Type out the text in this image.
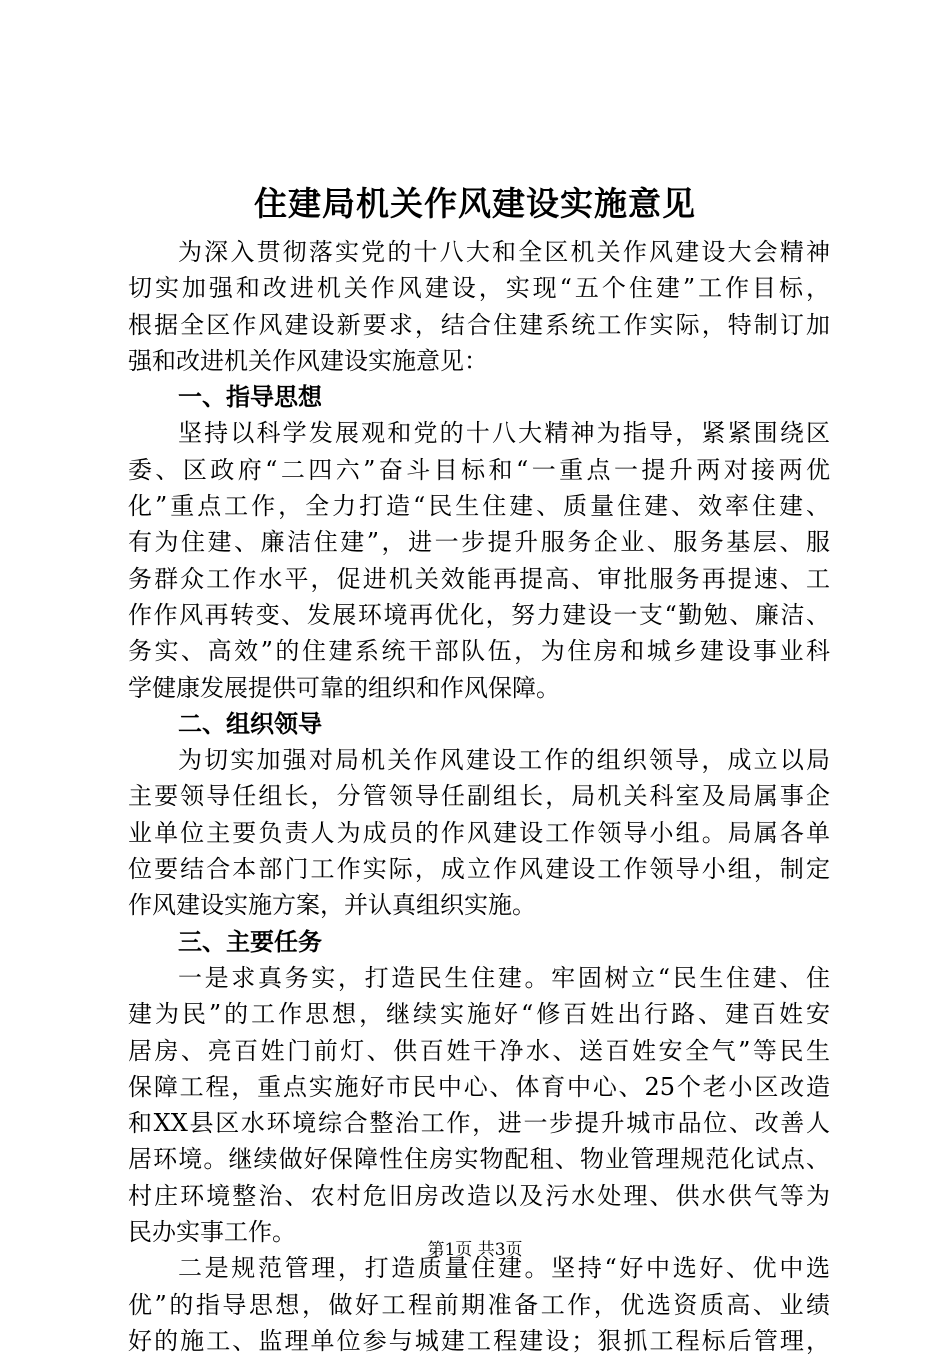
住建局机关作风建设实施意见
为深入贯彻落实党的十八大和全区机关作风建设大会精神
切实加强和改进机关作风建设，实现“五个住建”工作目标，
根据全区作风建设新要求，结合住建系统工作实际，特制订加
强和改进机关作风建设实施意见：
一、指导思想
坚持以科学发展观和党的十八大精神为指导，紧紧围绕区
委、区政府“二四六”奋斗目标和“一重点一提升两对接两优
化”重点工作，全力打造“民生住建、质量住建、效率住建、
有为住建、廉洁住建”，进一步提升服务企业、服务基层、服
务群众工作水平，促进机关效能再提高、审批服务再提速、工
作作风再转变、发展环境再优化，努力建设一支“勤勉、廉洁、
务实、高效”的住建系统干部队伍，为住房和城乡建设事业科
学健康发展提供可靠的组织和作风保障。
二、组织领导
为切实加强对局机关作风建设工作的组织领导，成立以局
主要领导任组长，分管领导任副组长，局机关科室及局属事企
业单位主要负责人为成员的作风建设工作领导小组。局属各单
位要结合本部门工作实际，成立作风建设工作领导小组，制定
作风建设实施方案，并认真组织实施。
三、主要任务
一是求真务实，打造民生住建。牢固树立“民生住建、住
建为民”的工作思想，继续实施好“修百姓出行路、建百姓安
居房、亮百姓门前灯、供百姓干净水、送百姓安全气”等民生
保障工程，重点实施好市民中心、体育中心、25个老小区改造
和XX县区水环境综合整治工作，进一步提升城市品位、改善人
居环境。继续做好保障性住房实物配租、物业管理规范化试点、
村庄环境整治、农村危旧房改造以及污水处理、供水供气等为
民办实事工作。
二是规范管理，打造质量住建。坚持“好中选好、优中选
优”的指导思想，做好工程前期准备工作，优选资质高、业绩
好的施工、监理单位参与城建工程建设；狠抓工程标后管理，
第1页 共3页
